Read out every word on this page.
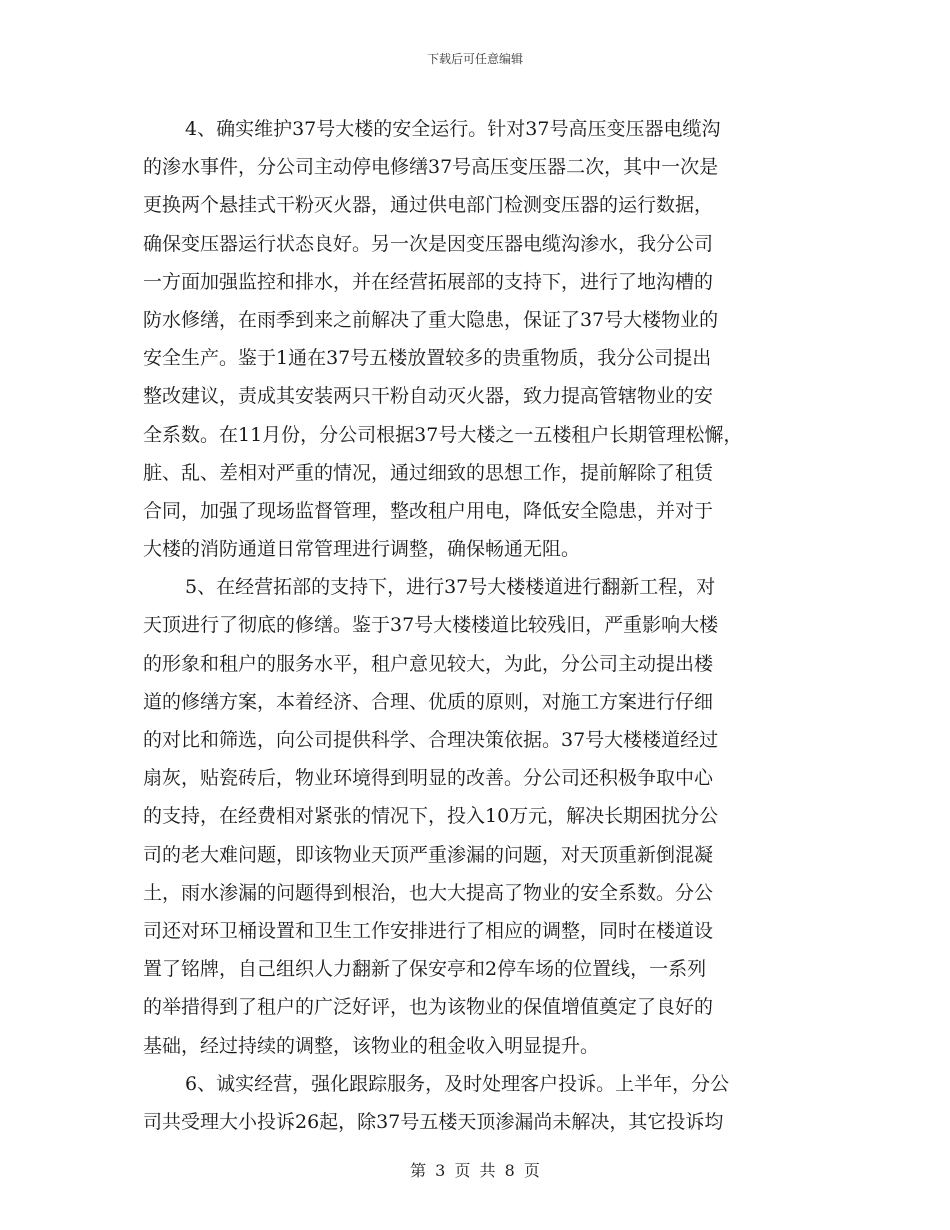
下载后可任意编辑
4、确实维护37号大楼的安全运行。针对37号高压变压器电缆沟
的渗水事件，分公司主动停电修缮37号高压变压器二次，其中一次是
更换两个悬挂式干粉灭火器，通过供电部门检测变压器的运行数据，
确保变压器运行状态良好。另一次是因变压器电缆沟渗水，我分公司
一方面加强监控和排水，并在经营拓展部的支持下，进行了地沟槽的
防水修缮，在雨季到来之前解决了重大隐患，保证了37号大楼物业的
安全生产。鉴于1通在37号五楼放置较多的贵重物质，我分公司提出
整改建议，责成其安装两只干粉自动灭火器，致力提高管辖物业的安
全系数。在11月份，分公司根据37号大楼之一五楼租户长期管理松懈，
脏、乱、差相对严重的情况，通过细致的思想工作，提前解除了租赁
合同，加强了现场监督管理，整改租户用电，降低安全隐患，并对于
大楼的消防通道日常管理进行调整，确保畅通无阻。
5、在经营拓部的支持下，进行37号大楼楼道进行翻新工程，对
天顶进行了彻底的修缮。鉴于37号大楼楼道比较残旧，严重影响大楼
的形象和租户的服务水平，租户意见较大，为此，分公司主动提出楼
道的修缮方案，本着经济、合理、优质的原则，对施工方案进行仔细
的对比和筛选，向公司提供科学、合理决策依据。37号大楼楼道经过
扇灰，贴瓷砖后，物业环境得到明显的改善。分公司还积极争取中心
的支持，在经费相对紧张的情况下，投入10万元，解决长期困扰分公
司的老大难问题，即该物业天顶严重渗漏的问题，对天顶重新倒混凝
土，雨水渗漏的问题得到根治，也大大提高了物业的安全系数。分公
司还对环卫桶设置和卫生工作安排进行了相应的调整，同时在楼道设
置了铭牌，自己组织人力翻新了保安亭和2停车场的位置线，一系列
的举措得到了租户的广泛好评，也为该物业的保值增值奠定了良好的
基础，经过持续的调整，该物业的租金收入明显提升。
6、诚实经营，强化跟踪服务，及时处理客户投诉。上半年，分公
司共受理大小投诉26起，除37号五楼天顶渗漏尚未解决，其它投诉均
第 3 页 共 8 页
